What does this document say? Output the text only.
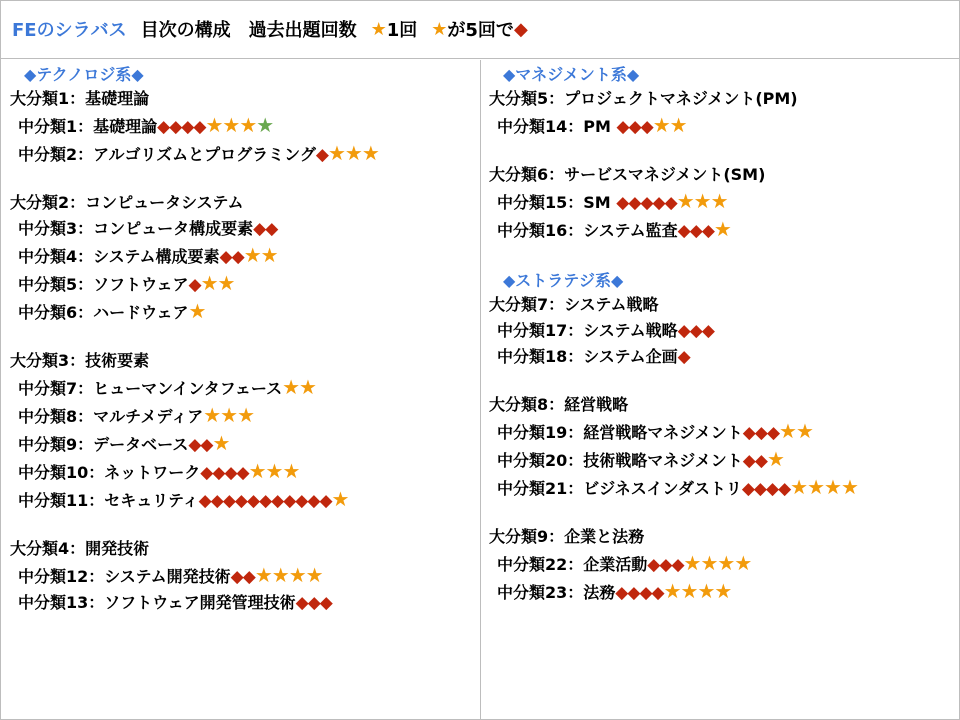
FEのシラバス 目次の構成　過去出題回数 ★ 1回 ★ が5回で ◆
◆テクノロジ系◆
大分類1：基礎理論
中分類1：基礎理論◆◆◆◆★★★★
中分類2：アルゴリズムとプログラミング◆★★★
大分類2：コンピュータシステム
中分類3：コンピュータ構成要素◆◆
中分類4：システム構成要素◆◆★★
中分類5：ソフトウェア◆★★
中分類6：ハードウェア★
大分類3：技術要素
中分類7：ヒューマンインタフェース★★
中分類8：マルチメディア★★★
中分類9：データベース◆◆★
中分類10：ネットワーク◆◆◆◆★★★
中分類11：セキュリティ◆◆◆◆◆◆◆◆◆◆◆★
大分類4：開発技術
中分類12：システム開発技術◆◆★★★★
中分類13：ソフトウェア開発管理技術◆◆◆
◆マネジメント系◆
大分類5：プロジェクトマネジメント(PM)
中分類14：PM ◆◆◆★★
大分類6：サービスマネジメント(SM)
中分類15：SM ◆◆◆◆◆★★★
中分類16：システム監査◆◆◆★
◆ストラテジ系◆
大分類7：システム戦略
中分類17：システム戦略◆◆◆
中分類18：システム企画◆
大分類8：経営戦略
中分類19：経営戦略マネジメント◆◆◆★★
中分類20：技術戦略マネジメント◆◆★
中分類21：ビジネスインダストリ◆◆◆◆★★★★
大分類9：企業と法務
中分類22：企業活動◆◆◆★★★★
中分類23：法務◆◆◆◆★★★★
